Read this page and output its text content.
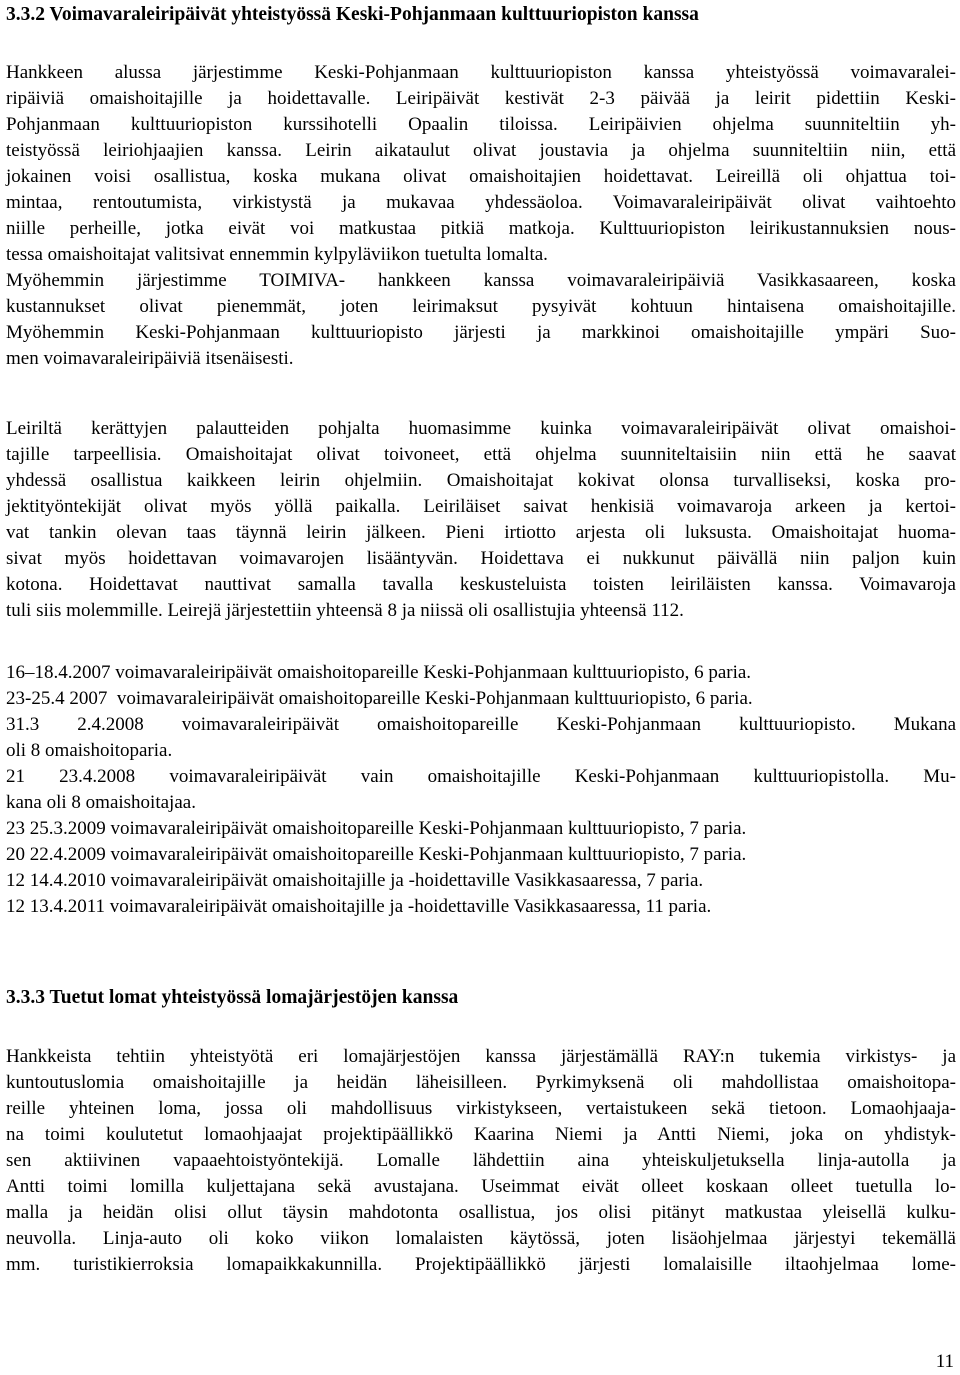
3.3.2 Voimavaraleiripäivät yhteistyössä Keski-Pohjanmaan kulttuuriopiston kanssa
Hankkeen alussa järjestimme Keski-Pohjanmaan kulttuuriopiston kanssa yhteistyössä voimavaralei-
ripäiviä omaishoitajille ja hoidettavalle. Leiripäivät kestivät 2-3 päivää ja leirit pidettiin Keski-
Pohjanmaan kulttuuriopiston kurssihotelli Opaalin tiloissa. Leiripäivien ohjelma suunniteltiin yh-
teistyössä leiriohjaajien kanssa. Leirin aikataulut olivat joustavia ja ohjelma suunniteltiin niin, että
jokainen voisi osallistua, koska mukana olivat omaishoitajien hoidettavat. Leireillä oli ohjattua toi-
mintaa, rentoutumista, virkistystä ja mukavaa yhdessäoloa. Voimavaraleiripäivät olivat vaihtoehto
niille perheille, jotka eivät voi matkustaa pitkiä matkoja. Kulttuuriopiston leirikustannuksien nous-
tessa omaishoitajat valitsivat ennemmin kylpyläviikon tuetulta lomalta.
Myöhemmin järjestimme TOIMIVA- hankkeen kanssa voimavaraleiripäiviä Vasikkasaareen, koska
kustannukset olivat pienemmät, joten leirimaksut pysyivät kohtuun hintaisena omaishoitajille.
Myöhemmin Keski-Pohjanmaan kulttuuriopisto järjesti ja markkinoi omaishoitajille ympäri Suo-
men voimavaraleiripäiviä itsenäisesti.
Leiriltä kerättyjen palautteiden pohjalta huomasimme kuinka voimavaraleiripäivät olivat omaishoi-
tajille tarpeellisia. Omaishoitajat olivat toivoneet, että ohjelma suunniteltaisiin niin että he saavat
yhdessä osallistua kaikkeen leirin ohjelmiin. Omaishoitajat kokivat olonsa turvalliseksi, koska pro-
jektityöntekijät olivat myös yöllä paikalla. Leiriläiset saivat henkisiä voimavaroja arkeen ja kertoi-
vat tankin olevan taas täynnä leirin jälkeen. Pieni irtiotto arjesta oli luksusta. Omaishoitajat huoma-
sivat myös hoidettavan voimavarojen lisääntyvän. Hoidettava ei nukkunut päivällä niin paljon kuin
kotona. Hoidettavat nauttivat samalla tavalla keskusteluista toisten leiriläisten kanssa. Voimavaroja
tuli siis molemmille. Leirejä järjestettiin yhteensä 8 ja niissä oli osallistujia yhteensä 112.
16–18.4.2007 voimavaraleiripäivät omaishoitopareille Keski-Pohjanmaan kulttuuriopisto, 6 paria.
23-25.4 2007  voimavaraleiripäivät omaishoitopareille Keski-Pohjanmaan kulttuuriopisto, 6 paria.
31.3 2.4.2008 voimavaraleiripäivät omaishoitopareille Keski-Pohjanmaan kulttuuriopisto. Mukana
oli 8 omaishoitoparia.
21 23.4.2008 voimavaraleiripäivät vain omaishoitajille Keski-Pohjanmaan kulttuuriopistolla. Mu-
kana oli 8 omaishoitajaa.
23 25.3.2009 voimavaraleiripäivät omaishoitopareille Keski-Pohjanmaan kulttuuriopisto, 7 paria.
20 22.4.2009 voimavaraleiripäivät omaishoitopareille Keski-Pohjanmaan kulttuuriopisto, 7 paria.
12 14.4.2010 voimavaraleiripäivät omaishoitajille ja -hoidettaville Vasikkasaaressa, 7 paria.
12 13.4.2011 voimavaraleiripäivät omaishoitajille ja -hoidettaville Vasikkasaaressa, 11 paria.
3.3.3 Tuetut lomat yhteistyössä lomajärjestöjen kanssa
Hankkeista tehtiin yhteistyötä eri lomajärjestöjen kanssa järjestämällä RAY:n tukemia virkistys- ja
kuntoutuslomia omaishoitajille ja heidän läheisilleen. Pyrkimyksenä oli mahdollistaa omaishoitopa-
reille yhteinen loma, jossa oli mahdollisuus virkistykseen, vertaistukeen sekä tietoon. Lomaohjaaja-
na toimi koulutetut lomaohjaajat projektipäällikkö Kaarina Niemi ja Antti Niemi, joka on yhdistyk-
sen aktiivinen vapaaehtoistyöntekijä. Lomalle lähdettiin aina yhteiskuljetuksella linja-autolla ja
Antti toimi lomilla kuljettajana sekä avustajana. Useimmat eivät olleet koskaan olleet tuetulla lo-
malla ja heidän olisi ollut täysin mahdotonta osallistua, jos olisi pitänyt matkustaa yleisellä kulku-
neuvolla. Linja-auto oli koko viikon lomalaisten käytössä, joten lisäohjelmaa järjestyi tekemällä
mm. turistikierroksia lomapaikkakunnilla. Projektipäällikkö järjesti lomalaisille iltaohjelmaa lome-
11
